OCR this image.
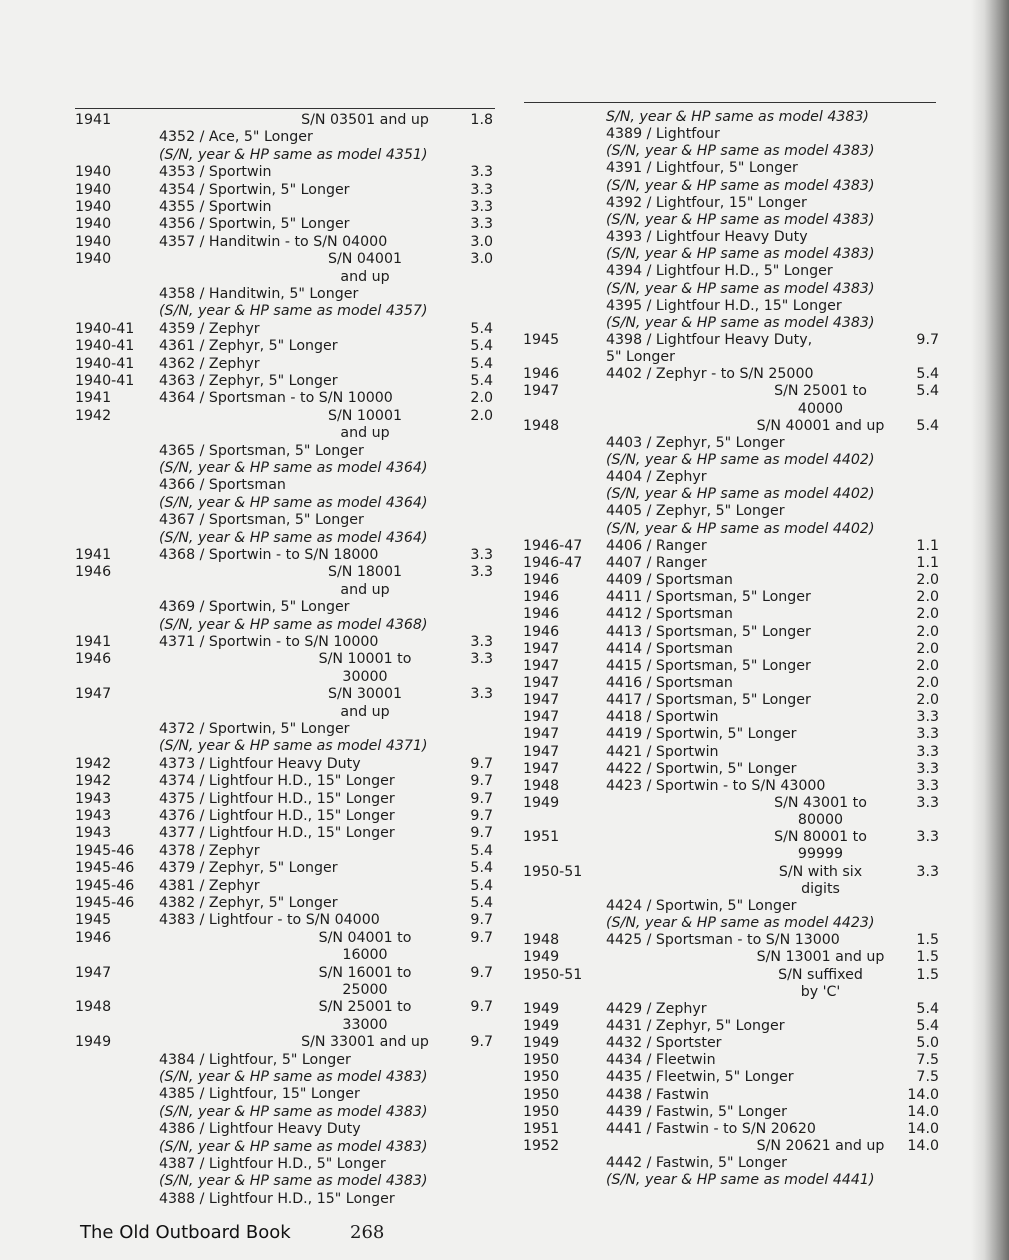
1941	S/N 03501 and up	1.8
4352 / Ace, 5" Longer
(S/N, year & HP same as model 4351)
1940	4353 / Sportwin	3.3
1940	4354 / Sportwin, 5" Longer	3.3
1940	4355 / Sportwin	3.3
1940	4356 / Sportwin, 5" Longer	3.3
1940	4357 / Handitwin - to S/N 04000	3.0
1940	S/N 04001	3.0
and up
4358 / Handitwin, 5" Longer
(S/N, year & HP same as model 4357)
1940-41 4359 / Zephyr	5.4
1940-41 4361 / Zephyr, 5" Longer	5.4
1940-41 4362 / Zephyr	5.4
1940-41 4363 / Zephyr, 5" Longer	5.4
1941	4364 / Sportsman - to S/N 10000	2.0
1942	S/N 10001	2.0
and up
4365 / Sportsman, 5" Longer
(S/N, year & HP same as model 4364)
4366 / Sportsman
(S/N, year & HP same as model 4364)
4367 / Sportsman, 5" Longer
(S/N, year & HP same as model 4364)
1941	4368 / Sportwin - to S/N 18000	3.3
1946	S/N 18001	3.3
and up
4369 / Sportwin, 5" Longer
(S/N, year & HP same as model 4368)
1941	4371 / Sportwin - to S/N 10000	3.3
1946	S/N 10001 to	3.3
30000
1947	S/N 30001	3.3
and up
4372 / Sportwin, 5" Longer
(S/N, year & HP same as model 4371)
1942	4373 / Lightfour Heavy Duty	9.7
1942	4374 / Lightfour H.D., 15" Longer	9.7
1943	4375 / Lightfour H.D., 15" Longer	9.7
1943	4376 / Lightfour H.D., 15" Longer	9.7
1943	4377 / Lightfour H.D., 15" Longer	9.7
1945-46 4378 / Zephyr	5.4
1945-46 4379 / Zephyr, 5" Longer	5.4
1945-46 4381 / Zephyr	5.4
1945-46 4382 / Zephyr, 5" Longer	5.4
1945	4383 / Lightfour - to S/N 04000	9.7
1946	S/N 04001 to	9.7
16000
1947	S/N 16001 to	9.7
25000
1948	S/N 25001 to	9.7
33000
1949	S/N 33001 and up	9.7
4384 / Lightfour, 5" Longer
(S/N, year & HP same as model 4383)
4385 / Lightfour, 15" Longer
(S/N, year & HP same as model 4383)
4386 / Lightfour Heavy Duty
(S/N, year & HP same as model 4383)
4387 / Lightfour H.D., 5" Longer
(S/N, year & HP same as model 4383)
4388 / Lightfour H.D., 15" Longer
S/N, year & HP same as model 4383)
4389 / Lightfour
(S/N, year & HP same as model 4383)
4391 / Lightfour, 5" Longer
(S/N, year & HP same as model 4383)
4392 / Lightfour, 15" Longer
(S/N, year & HP same as model 4383)
4393 / Lightfour Heavy Duty
(S/N, year & HP same as model 4383)
4394 / Lightfour H.D., 5" Longer
(S/N, year & HP same as model 4383)
4395 / Lightfour H.D., 15" Longer
(S/N, year & HP same as model 4383)
1945	4398 / Lightfour Heavy Duty,	9.7
5" Longer
1946	4402 / Zephyr - to S/N 25000	5.4
1947	S/N 25001 to	5.4
40000
1948	S/N 40001 and up	5.4
4403 / Zephyr, 5" Longer
(S/N, year & HP same as model 4402)
4404 / Zephyr
(S/N, year & HP same as model 4402)
4405 / Zephyr, 5" Longer
(S/N, year & HP same as model 4402)
1946-47 4406 / Ranger	1.1
1946-47 4407 / Ranger	1.1
1946	4409 / Sportsman	2.0
1946	4411 / Sportsman, 5" Longer	2.0
1946	4412 / Sportsman	2.0
1946	4413 / Sportsman, 5" Longer	2.0
1947	4414 / Sportsman	2.0
1947	4415 / Sportsman, 5" Longer	2.0
1947	4416 / Sportsman	2.0
1947	4417 / Sportsman, 5" Longer	2.0
1947	4418 / Sportwin	3.3
1947	4419 / Sportwin, 5" Longer	3.3
1947	4421 / Sportwin	3.3
1947	4422 / Sportwin, 5" Longer	3.3
1948	4423 / Sportwin - to S/N 43000	3.3
1949	S/N 43001 to	3.3
80000
1951	S/N 80001 to	3.3
99999
1950-51	S/N with six	3.3
digits
4424 / Sportwin, 5" Longer
(S/N, year & HP same as model 4423)
1948	4425 / Sportsman - to S/N 13000	1.5
1949	S/N 13001 and up	1.5
1950-51	S/N suffixed	1.5
by 'C'
1949	4429 / Zephyr	5.4
1949	4431 / Zephyr, 5" Longer	5.4
1949	4432 / Sportster	5.0
1950	4434 / Fleetwin	7.5
1950	4435 / Fleetwin, 5" Longer	7.5
1950	4438 / Fastwin	14.0
1950	4439 / Fastwin, 5" Longer	14.0
1951	4441 / Fastwin - to S/N 20620	14.0
1952	S/N 20621 and up	14.0
4442 / Fastwin, 5" Longer
(S/N, year & HP same as model 4441)
The Old Outboard Book	268
